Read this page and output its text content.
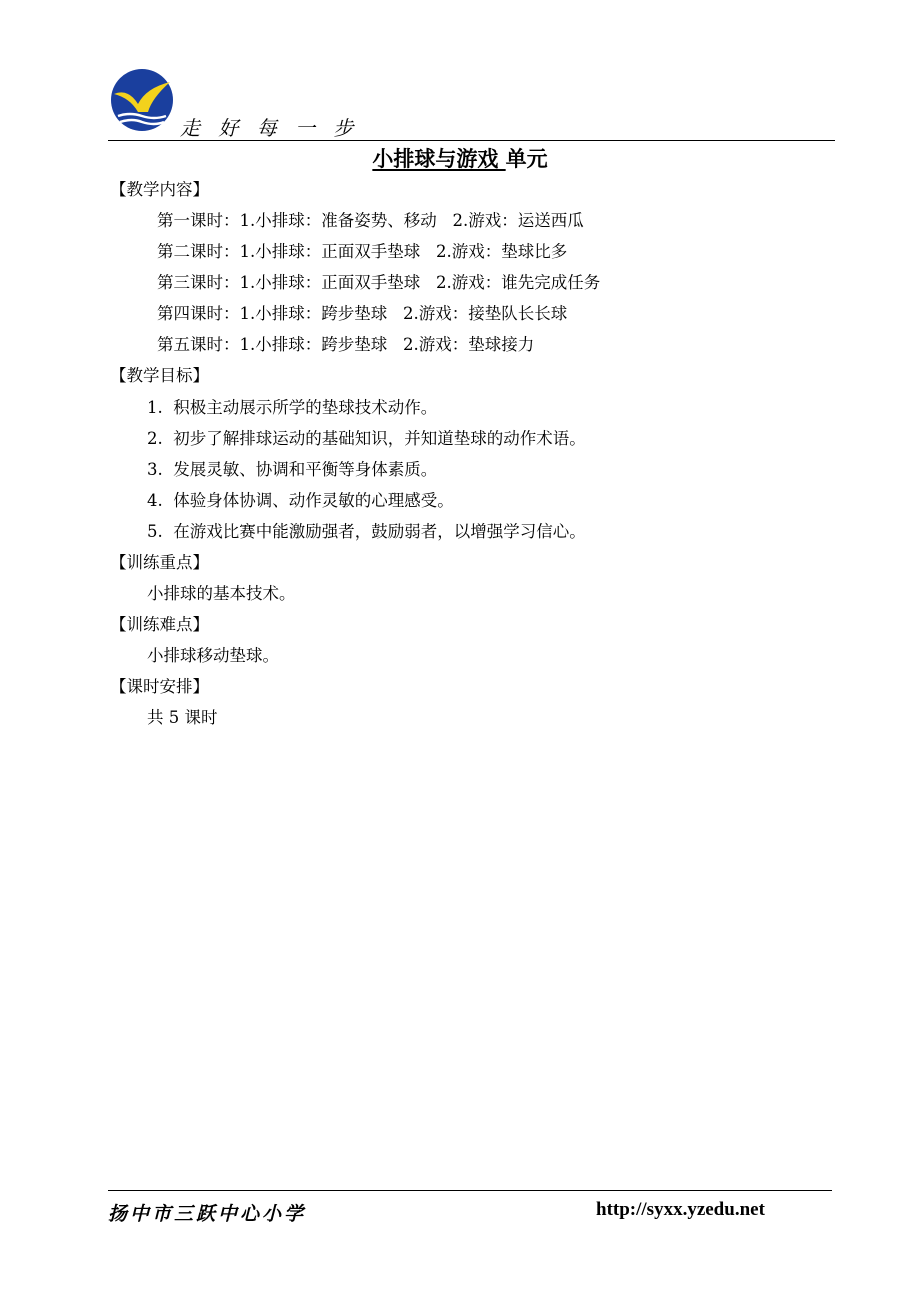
走 好 每 一 步
小排球与游戏 单元
【教学内容】
第一课时：1.小排球：准备姿势、移动   2.游戏：运送西瓜
第二课时：1.小排球：正面双手垫球   2.游戏：垫球比多
第三课时：1.小排球：正面双手垫球   2.游戏：谁先完成任务
第四课时：1.小排球：跨步垫球   2.游戏：接垫队长长球
第五课时：1.小排球：跨步垫球   2.游戏：垫球接力
【教学目标】
1.  积极主动展示所学的垫球技术动作。
2.  初步了解排球运动的基础知识，并知道垫球的动作术语。
3.  发展灵敏、协调和平衡等身体素质。
4.  体验身体协调、动作灵敏的心理感受。
5.  在游戏比赛中能激励强者，鼓励弱者，以增强学习信心。
【训练重点】
小排球的基本技术。
【训练难点】
小排球移动垫球。
【课时安排】
共 5 课时
扬中市三跃中心小学	http://syxx.yzedu.net
